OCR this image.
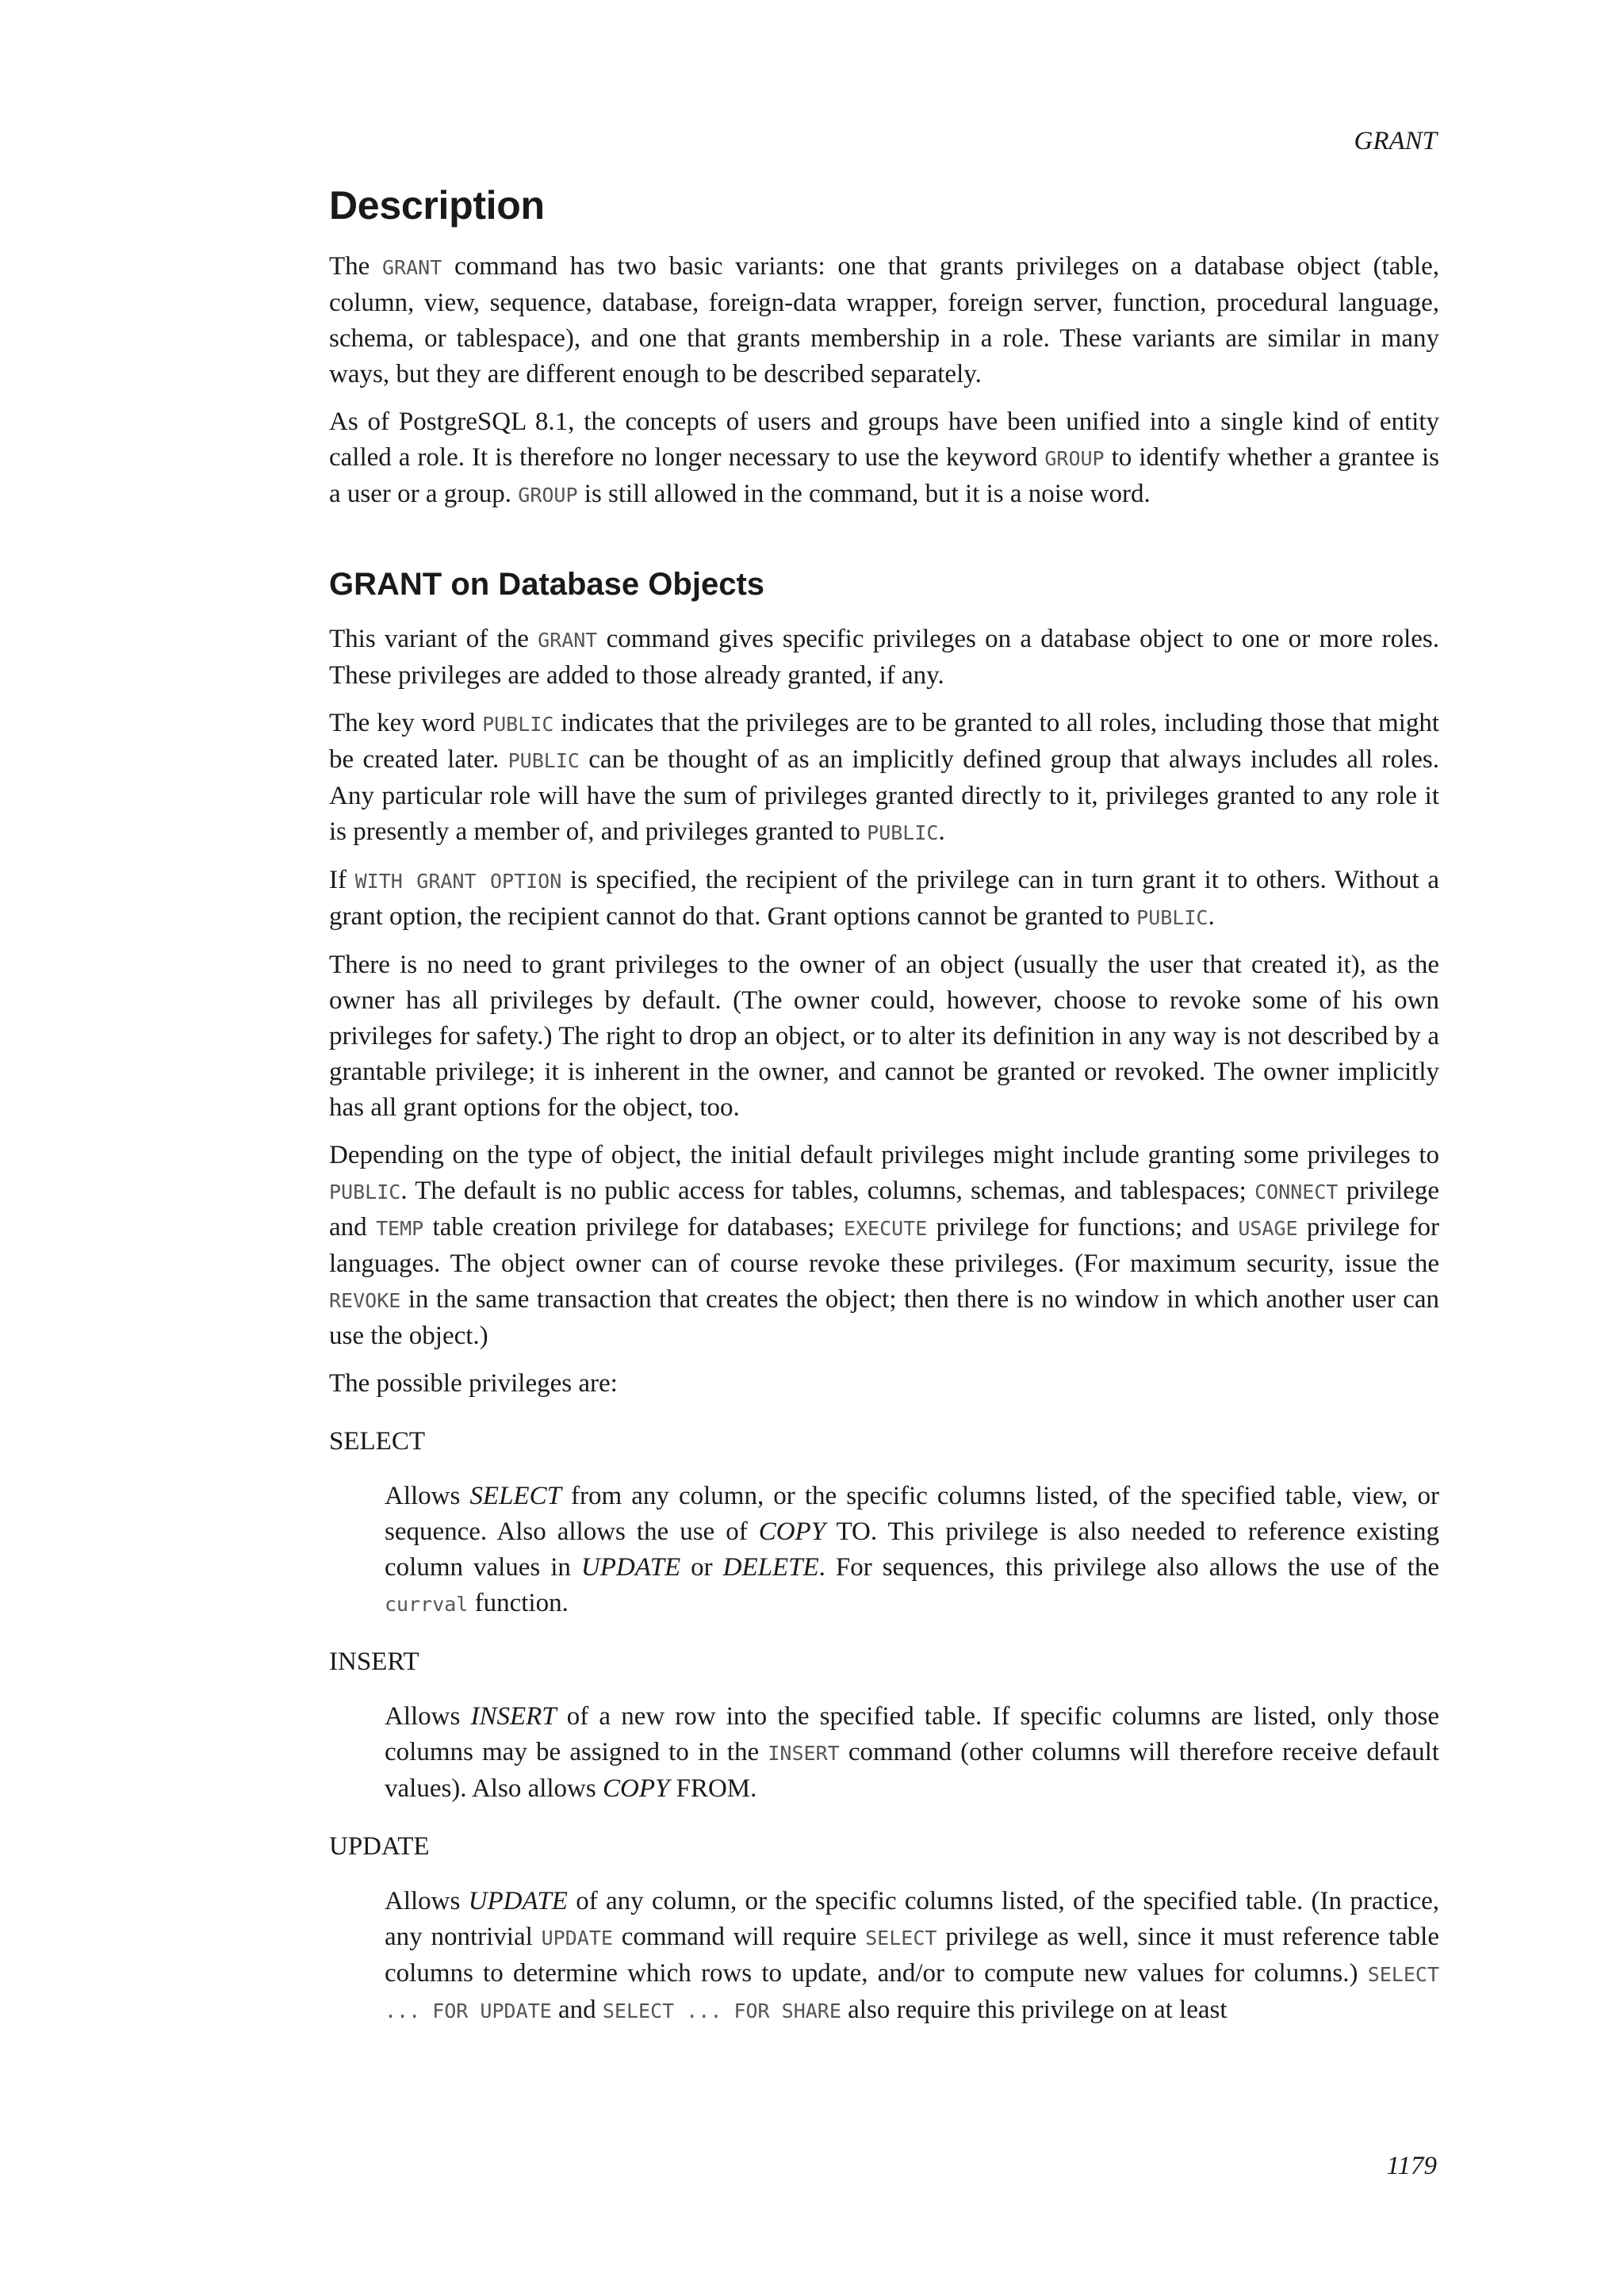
GRANT
Description

The GRANT command has two basic variants: one that grants privileges on a database object (table, column, view, sequence, database, foreign-data wrapper, foreign server, function, procedural language, schema, or tablespace), and one that grants membership in a role. These variants are similar in many ways, but they are different enough to be described separately.

As of PostgreSQL 8.1, the concepts of users and groups have been unified into a single kind of entity called a role. It is therefore no longer necessary to use the keyword GROUP to identify whether a grantee is a user or a group. GROUP is still allowed in the command, but it is a noise word.

GRANT on Database Objects

This variant of the GRANT command gives specific privileges on a database object to one or more roles. These privileges are added to those already granted, if any.

The key word PUBLIC indicates that the privileges are to be granted to all roles, including those that might be created later. PUBLIC can be thought of as an implicitly defined group that always includes all roles. Any particular role will have the sum of privileges granted directly to it, privileges granted to any role it is presently a member of, and privileges granted to PUBLIC.

If WITH GRANT OPTION is specified, the recipient of the privilege can in turn grant it to others. Without a grant option, the recipient cannot do that. Grant options cannot be granted to PUBLIC.

There is no need to grant privileges to the owner of an object (usually the user that created it), as the owner has all privileges by default. (The owner could, however, choose to revoke some of his own privileges for safety.) The right to drop an object, or to alter its definition in any way is not described by a grantable privilege; it is inherent in the owner, and cannot be granted or revoked. The owner implicitly has all grant options for the object, too.

Depending on the type of object, the initial default privileges might include granting some privileges to PUBLIC. The default is no public access for tables, columns, schemas, and tablespaces; CONNECT privilege and TEMP table creation privilege for databases; EXECUTE privilege for functions; and USAGE privilege for languages. The object owner can of course revoke these privileges. (For maximum security, issue the REVOKE in the same transaction that creates the object; then there is no window in which another user can use the object.)

The possible privileges are:

SELECT

Allows SELECT from any column, or the specific columns listed, of the specified table, view, or sequence. Also allows the use of COPY TO. This privilege is also needed to reference existing column values in UPDATE or DELETE. For sequences, this privilege also allows the use of the currval function.

INSERT

Allows INSERT of a new row into the specified table. If specific columns are listed, only those columns may be assigned to in the INSERT command (other columns will therefore receive default values). Also allows COPY FROM.

UPDATE

Allows UPDATE of any column, or the specific columns listed, of the specified table. (In practice, any nontrivial UPDATE command will require SELECT privilege as well, since it must reference table columns to determine which rows to update, and/or to compute new values for columns.) SELECT ... FOR UPDATE and SELECT ... FOR SHARE also require this privilege on at least

1179
